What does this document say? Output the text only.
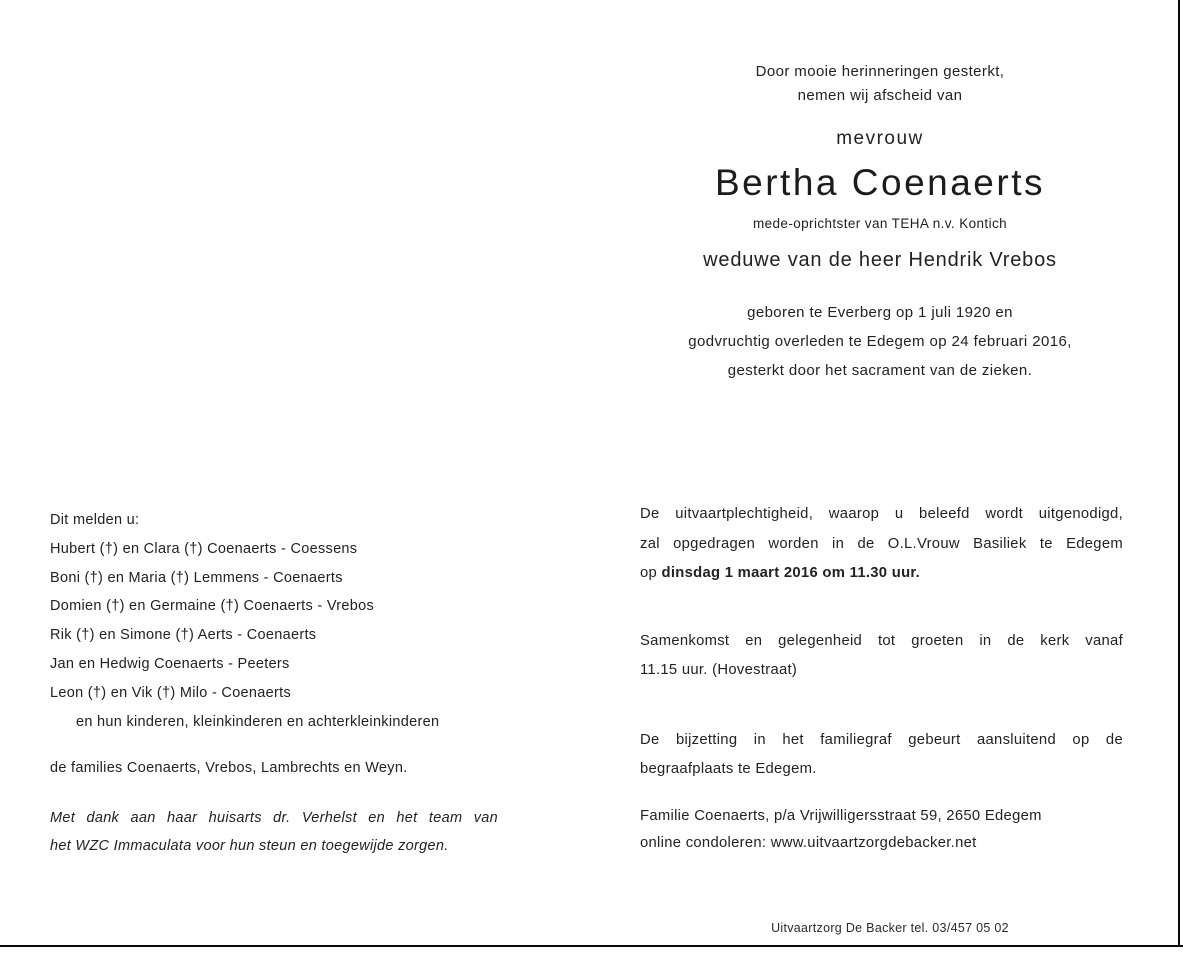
Door mooie herinneringen gesterkt,
nemen wij afscheid van
mevrouw
Bertha Coenaerts
mede-oprichtster van TEHA n.v. Kontich
weduwe van de heer Hendrik Vrebos
geboren te Everberg op 1 juli 1920 en
godvruchtig overleden te Edegem op 24 februari 2016,
gesterkt door het sacrament van de zieken.
Dit melden u:
Hubert (†) en Clara (†) Coenaerts - Coessens
Boni (†) en Maria (†) Lemmens - Coenaerts
Domien (†) en Germaine (†) Coenaerts - Vrebos
Rik (†) en Simone (†) Aerts - Coenaerts
Jan en Hedwig Coenaerts - Peeters
Leon (†) en Vik (†) Milo - Coenaerts
en hun kinderen, kleinkinderen en achterkleinkinderen
de families Coenaerts, Vrebos, Lambrechts en Weyn.
Met dank aan haar huisarts dr. Verhelst en het team van
het WZC Immaculata voor hun steun en toegewijde zorgen.
De uitvaartplechtigheid, waarop u beleefd wordt uitgenodigd,
zal opgedragen worden in de O.L.Vrouw Basiliek te Edegem
op dinsdag 1 maart 2016 om 11.30 uur.
Samenkomst en gelegenheid tot groeten in de kerk vanaf
11.15 uur. (Hovestraat)
De bijzetting in het familiegraf gebeurt aansluitend op de
begraafplaats te Edegem.
Familie Coenaerts, p/a Vrijwilligersstraat 59, 2650 Edegem
online condoleren: www.uitvaartzorgdebacker.net
Uitvaartzorg De Backer tel. 03/457 05 02
